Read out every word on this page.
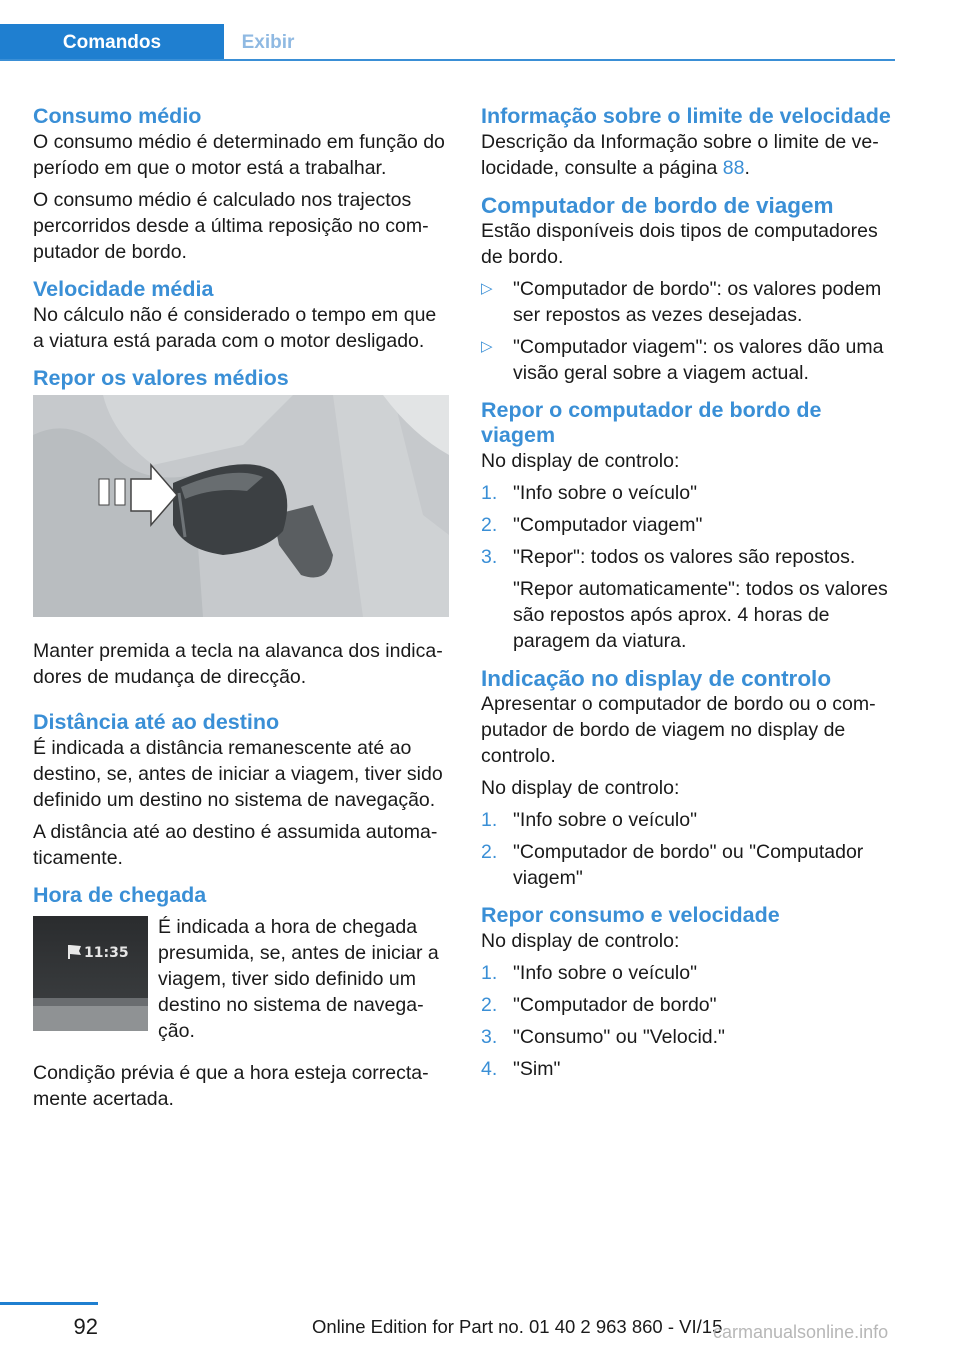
Comandos	Exibir
Consumo médio

O consumo médio é determinado em função do período em que o motor está a trabalhar.

O consumo médio é calculado nos trajectos percorridos desde a última reposição no computador de bordo.

Velocidade média

No cálculo não é considerado o tempo em que a viatura está parada com o motor desligado.

Repor os valores médios

Manter premida a tecla na alavanca dos indicadores de mudança de direcção.

Distância até ao destino

É indicada a distância remanescente até ao destino, se, antes de iniciar a viagem, tiver sido definido um destino no sistema de navegação.

A distância até ao destino é assumida automaticamente.

Hora de chegada
11:35

É indicada a hora de chegada presumida, se, antes de iniciar a viagem, tiver sido definido um destino no sistema de navegação.

Condição prévia é que a hora esteja correctamente acertada.

Informação sobre o limite de velocidade

Descrição da Informação sobre o limite de velocidade, consulte a página 88.

Computador de bordo de viagem

Estão disponíveis dois tipos de computadores de bordo.

▷ "Computador de bordo": os valores podem ser repostos as vezes desejadas.
▷ "Computador viagem": os valores dão uma visão geral sobre a viagem actual.
Repor o computador de bordo de viagem

No display de controlo:

1. "Info sobre o veículo"
2. "Computador viagem"
3. "Repor": todos os valores são repostos.

"Repor automaticamente": todos os valores são repostos após aprox. 4 horas de paragem da viatura.

Indicação no display de controlo

Apresentar o computador de bordo ou o computador de bordo de viagem no display de controlo.

No display de controlo:

1. "Info sobre o veículo"
2. "Computador de bordo" ou "Computador viagem"
Repor consumo e velocidade

No display de controlo:

1. "Info sobre o veículo"
2. "Computador de bordo"
3. "Consumo" ou "Velocid."
4. "Sim"
92	Online Edition for Part no. 01 40 2 963 860 - VI/15
carmanualsonline.info
